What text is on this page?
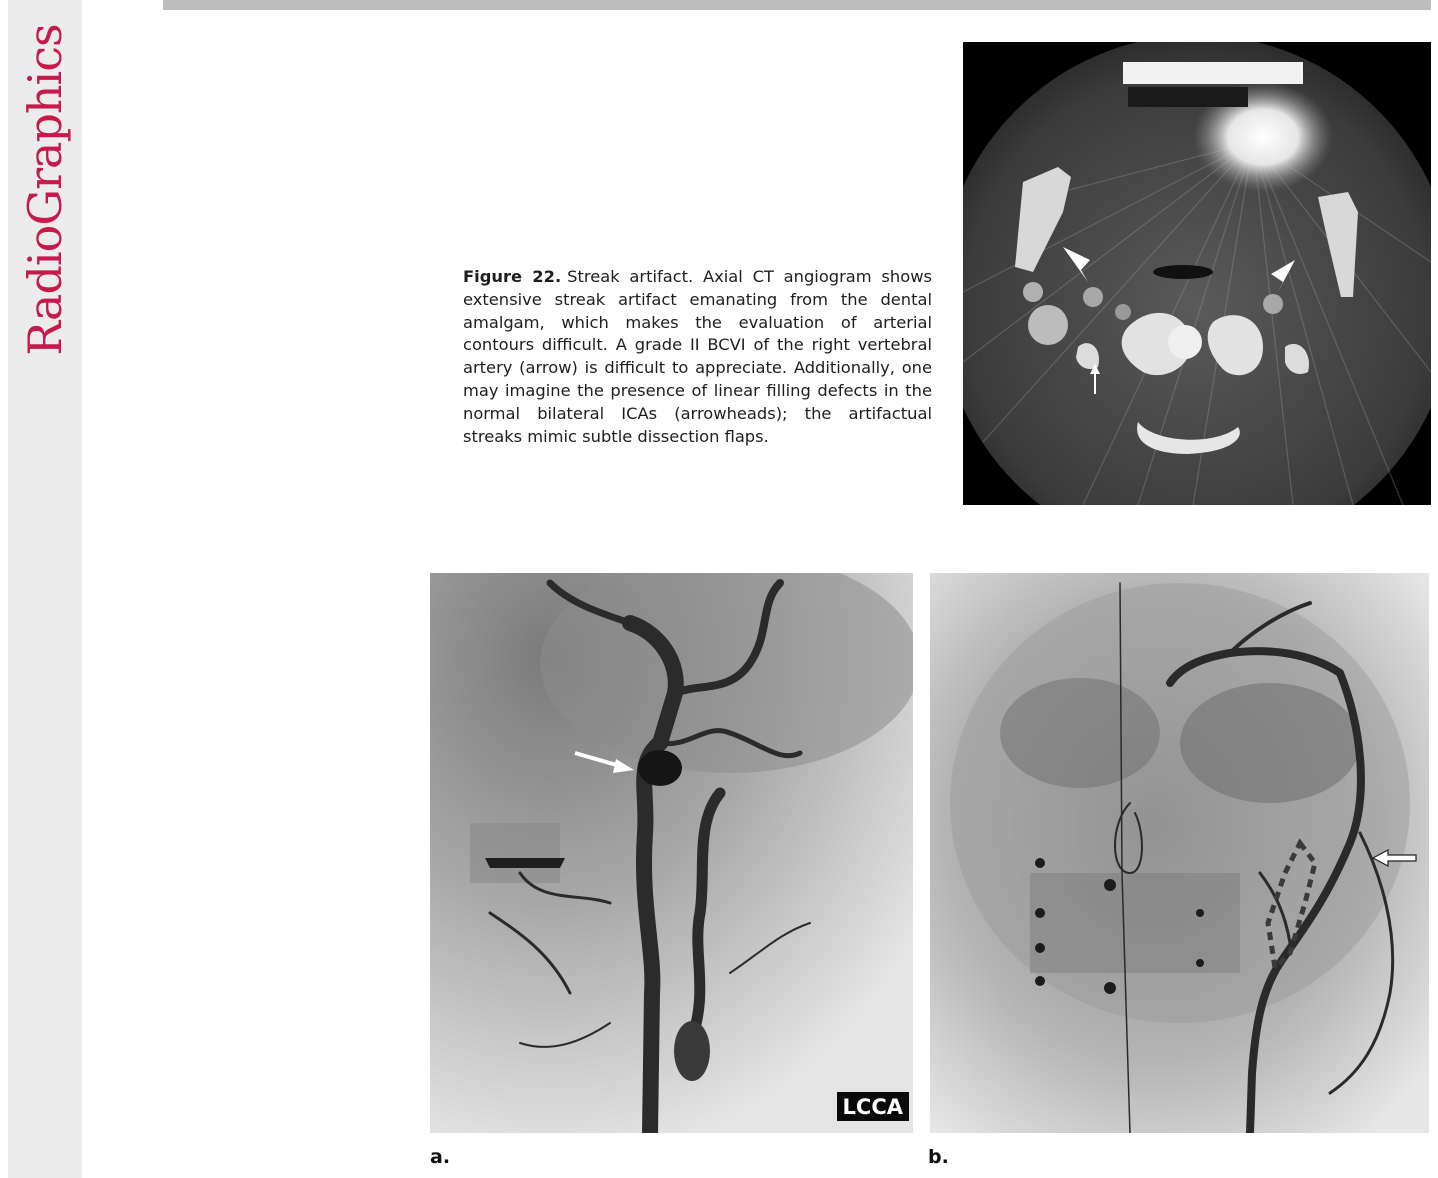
RadioGraphics	Figure 22. Streak artifact. Axial CT angiogram shows extensive streak artifact emanating from the dental amalgam, which makes the evaluation of arterial contours difficult. A grade II BCVI of the right vertebral artery (arrow) is difficult to appreciate. Additionally, one may imagine the presence of linear filling defects in the normal bilateral ICAs (arrowheads); the artifactual streaks mimic subtle dissection flaps.
LCCA
a.	b.
